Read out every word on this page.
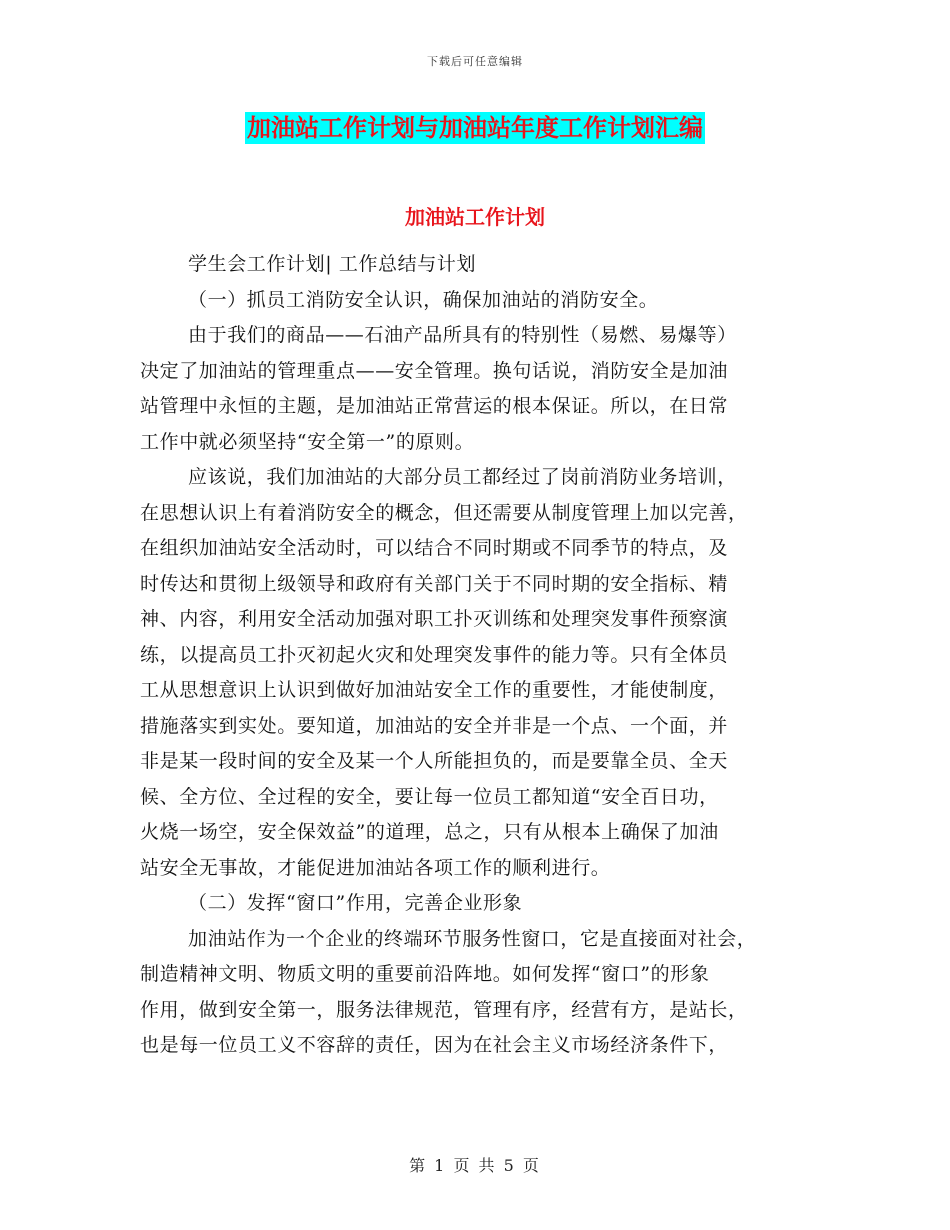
下载后可任意编辑
加油站工作计划与加油站年度工作计划汇编
加油站工作计划

学生会工作计划| 工作总结与计划

（一）抓员工消防安全认识，确保加油站的消防安全。

由于我们的商品——石油产品所具有的特别性（易燃、易爆等）

决定了加油站的管理重点——安全管理。换句话说，消防安全是加油

站管理中永恒的主题，是加油站正常营运的根本保证。所以，在日常

工作中就必须坚持“安全第一”的原则。

应该说，我们加油站的大部分员工都经过了岗前消防业务培训，

在思想认识上有着消防安全的概念，但还需要从制度管理上加以完善，

在组织加油站安全活动时，可以结合不同时期或不同季节的特点，及

时传达和贯彻上级领导和政府有关部门关于不同时期的安全指标、精

神、内容，利用安全活动加强对职工扑灭训练和处理突发事件预察演

练，以提高员工扑灭初起火灾和处理突发事件的能力等。只有全体员

工从思想意识上认识到做好加油站安全工作的重要性，才能使制度，

措施落实到实处。要知道，加油站的安全并非是一个点、一个面，并

非是某一段时间的安全及某一个人所能担负的，而是要靠全员、全天

候、全方位、全过程的安全，要让每一位员工都知道“安全百日功，

火烧一场空，安全保效益”的道理，总之，只有从根本上确保了加油

站安全无事故，才能促进加油站各项工作的顺利进行。

（二）发挥“窗口”作用，完善企业形象

加油站作为一个企业的终端环节服务性窗口，它是直接面对社会，

制造精神文明、物质文明的重要前沿阵地。如何发挥“窗口”的形象

作用，做到安全第一，服务法律规范，管理有序，经营有方，是站长，

也是每一位员工义不容辞的责任，因为在社会主义市场经济条件下，

第 1 页 共 5 页
